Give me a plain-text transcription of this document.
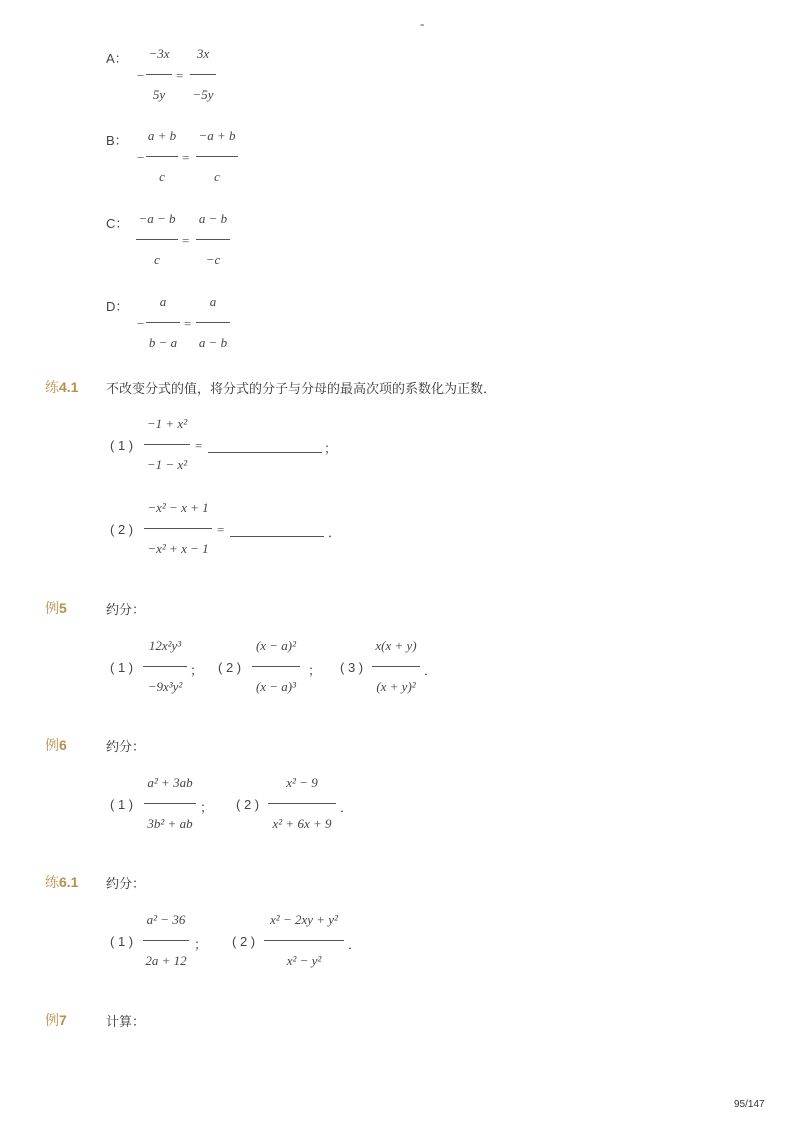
-
A：
−
−3x
5y
=
3x
−5y
B：
−
a + b
c
=
−a + b
c
C： −a − b
c
=
a − b
−c
D：
−
a
b − a
=
a
a − b
练4.1 不改变分式的值，将分式的分子与分母的最高次项的系数化为正数．
( 1 )
−1 + x²
−1 − x²
=	；
( 2 )
−x² − x + 1
−x² + x − 1
=	．
例5	约分：
( 1 )
12x²y³
−9x³y²
； ( 2 )
(x − a)²
(x − a)³
； ( 3 )
x(x + y)
(x + y)²
．
例6	约分：
( 1 )
a² + 3ab
3b² + ab
； ( 2 )
x² − 9
x² + 6x + 9
．
练6.1 约分：
( 1 )
a² − 36
2a + 12
； ( 2 )
x² − 2xy + y²
x² − y²
．
例7	计算：
95/147
